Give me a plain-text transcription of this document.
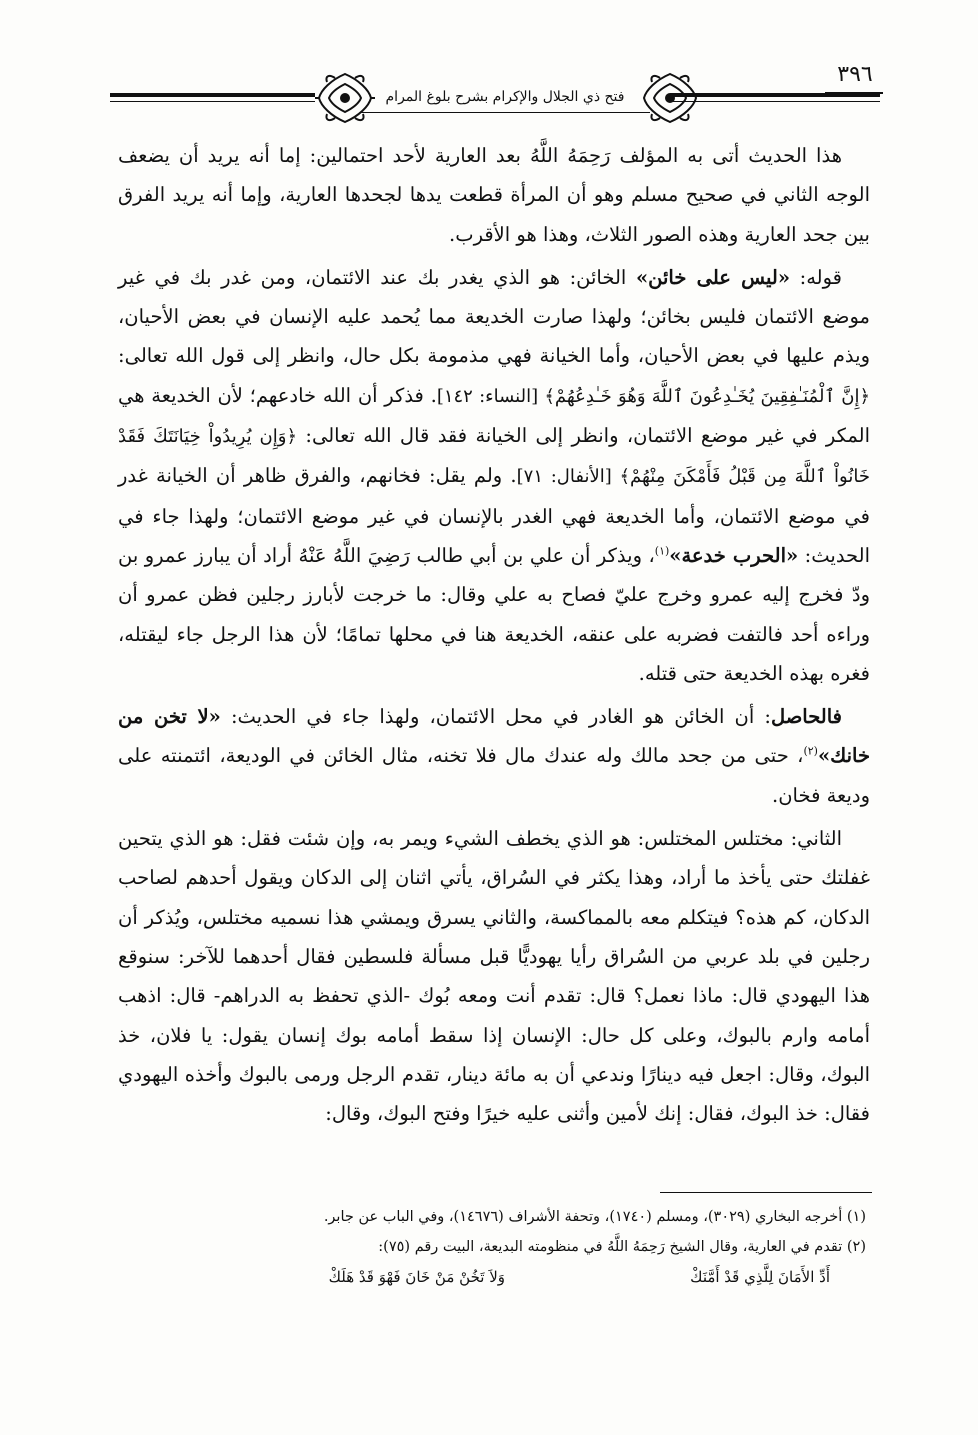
فتح ذي الجلال والإكرام بشرح بلوغ المرام
٣٩٦

هذا الحديث أتى به المؤلف رَحِمَهُ اللَّهُ بعد العارية لأحد احتمالين: إما أنه يريد أن يضعف الوجه الثاني في صحيح مسلم وهو أن المرأة قطعت يدها لجحدها العارية، وإما أنه يريد الفرق بين جحد العارية وهذه الصور الثلاث، وهذا هو الأقرب.

قوله: «ليس على خائن» الخائن: هو الذي يغدر بك عند الائتمان، ومن غدر بك في غير موضع الائتمان فليس بخائن؛ ولهذا صارت الخديعة مما يُحمد عليه الإنسان في بعض الأحيان، ويذم عليها في بعض الأحيان، وأما الخيانة فهي مذمومة بكل حال، وانظر إلى قول الله تعالى: ﴿إِنَّ ٱلْمُنَـٰفِقِينَ يُخَـٰدِعُونَ ٱللَّهَ وَهُوَ خَـٰدِعُهُمْ﴾ [النساء: ١٤٢]. فذكر أن الله خادعهم؛ لأن الخديعة هي المكر في غير موضع الائتمان، وانظر إلى الخيانة فقد قال الله تعالى: ﴿وَإِن يُرِيدُواْ خِيَانَتَكَ فَقَدْ خَانُواْ ٱللَّهَ مِن قَبْلُ فَأَمْكَنَ مِنْهُمْ﴾ [الأنفال: ٧١]. ولم يقل: فخانهم، والفرق ظاهر أن الخيانة غدر في موضع الائتمان، وأما الخديعة فهي الغدر بالإنسان في غير موضع الائتمان؛ ولهذا جاء في الحديث: «الحرب خدعة»$^{(١)}$، ويذكر أن علي بن أبي طالب رَضِيَ اللَّهُ عَنْهُ أراد أن يبارز عمرو بن ودّ فخرج إليه عمرو وخرج عليّ فصاح به علي وقال: ما خرجت لأبارز رجلين فظن عمرو أن وراءه أحد فالتفت فضربه على عنقه، الخديعة هنا في محلها تمامًا؛ لأن هذا الرجل جاء ليقتله، فغره بهذه الخديعة حتى قتله.

فالحاصل: أن الخائن هو الغادر في محل الائتمان، ولهذا جاء في الحديث: «لا تخن من خانك»$^{(٢)}$، حتى من جحد مالك وله عندك مال فلا تخنه، مثال الخائن في الوديعة، ائتمنته على وديعة فخان.

الثاني: مختلس المختلس: هو الذي يخطف الشيء ويمر به، وإن شئت فقل: هو الذي يتحين غفلتك حتى يأخذ ما أراد، وهذا يكثر في السُراق، يأتي اثنان إلى الدكان ويقول أحدهم لصاحب الدكان، كم هذه؟ فيتكلم معه بالمماكسة، والثاني يسرق ويمشي هذا نسميه مختلس، ويُذكر أن رجلين في بلد عربي من السُراق رأيا يهوديًّا قبل مسألة فلسطين فقال أحدهما للآخر: سنوقع هذا اليهودي قال: ماذا نعمل؟ قال: تقدم أنت ومعه بُوك -الذي تحفظ به الدراهم- قال: اذهب أمامه وارم بالبوك، وعلى كل حال: الإنسان إذا سقط أمامه بوك إنسان يقول: يا فلان، خذ البوك، وقال: اجعل فيه دينارًا وندعي أن به مائة دينار، تقدم الرجل ورمى بالبوك وأخذه اليهودي فقال: خذ البوك، فقال: إنك لأمين وأثنى عليه خيرًا وفتح البوك، وقال:

(١) أخرجه البخاري (٣٠٢٩)، ومسلم (١٧٤٠)، وتحفة الأشراف (١٤٦٧٦)، وفي الباب عن جابر.
(٢) تقدم في العارية، وقال الشيخ رَحِمَهُ اللَّهُ في منظومته البديعة، البيت رقم (٧٥):
أَدِّ الأَمَانَ لِلَّذِي قَدْ أَمَّنَكْ
وَلاَ تَخُنْ مَنْ خَانَ فَهْوَ قَدْ هَلَكْ
